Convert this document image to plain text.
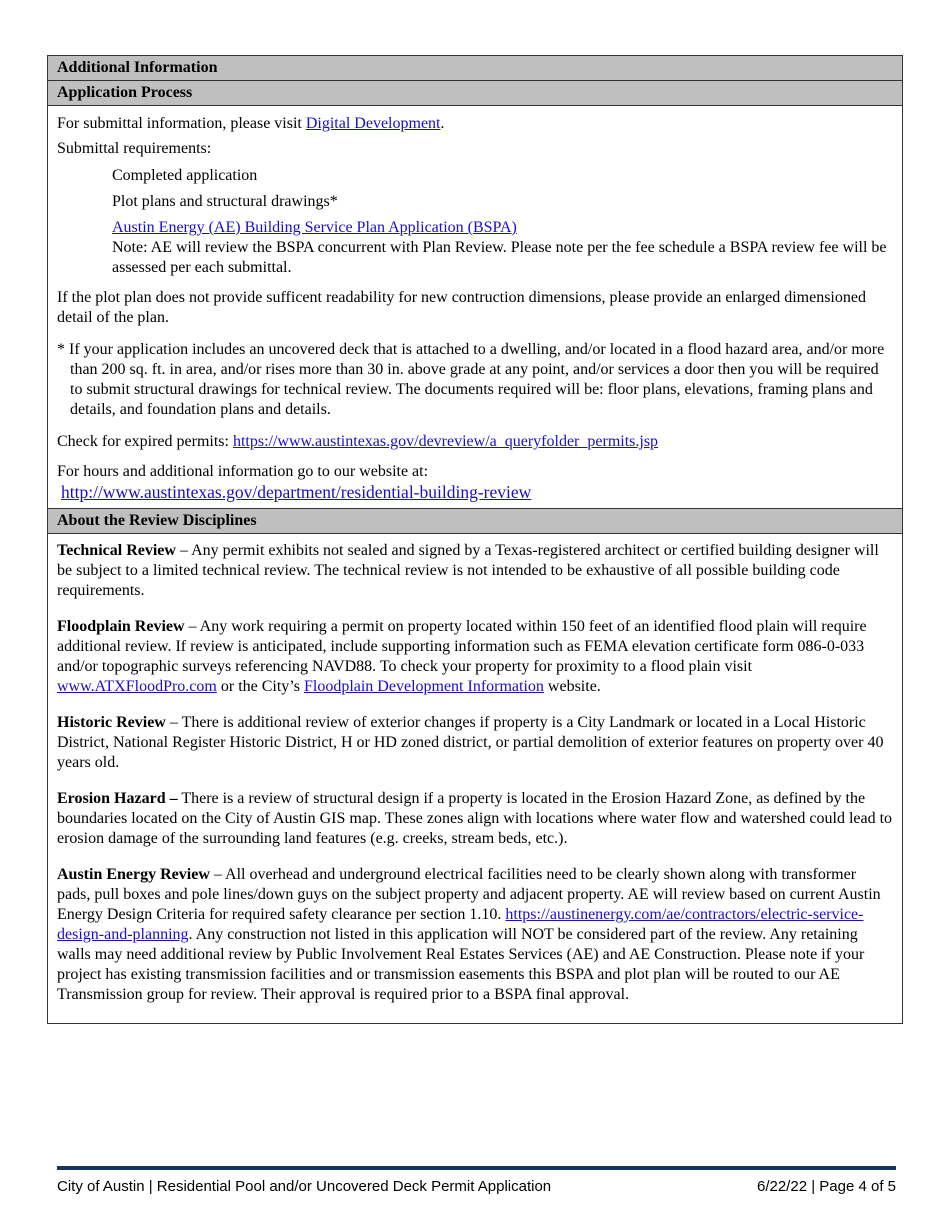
Additional Information
Application Process

For submittal information, please visit Digital Development.

Submittal requirements:

Completed application

Plot plans and structural drawings*

Austin Energy (AE) Building Service Plan Application (BSPA)

Note: AE will review the BSPA concurrent with Plan Review. Please note per the fee schedule a BSPA review fee will be assessed per each submittal.

If the plot plan does not provide sufficent readability for new contruction dimensions, please provide an enlarged dimensioned detail of the plan.

* If your application includes an uncovered deck that is attached to a dwelling, and/or located in a flood hazard area, and/or more than 200 sq. ft. in area, and/or rises more than 30 in. above grade at any point, and/or services a door then you will be required to submit structural drawings for technical review. The documents required will be: floor plans, elevations, framing plans and details, and foundation plans and details.

Check for expired permits: https://www.austintexas.gov/devreview/a_queryfolder_permits.jsp

For hours and additional information go to our website at:

http://www.austintexas.gov/department/residential-building-review

About the Review Disciplines

Technical Review – Any permit exhibits not sealed and signed by a Texas-registered architect or certified building designer will be subject to a limited technical review. The technical review is not intended to be exhaustive of all possible building code requirements.

Floodplain Review – Any work requiring a permit on property located within 150 feet of an identified flood plain will require additional review. If review is anticipated, include supporting information such as FEMA elevation certificate form 086-0-033 and/or topographic surveys referencing NAVD88. To check your property for proximity to a flood plain visit www.ATXFloodPro.com or the City’s Floodplain Development Information website.

Historic Review – There is additional review of exterior changes if property is a City Landmark or located in a Local Historic District, National Register Historic District, H or HD zoned district, or partial demolition of exterior features on property over 40 years old.

Erosion Hazard – There is a review of structural design if a property is located in the Erosion Hazard Zone, as defined by the boundaries located on the City of Austin GIS map. These zones align with locations where water flow and watershed could lead to erosion damage of the surrounding land features (e.g. creeks, stream beds, etc.).

Austin Energy Review – All overhead and underground electrical facilities need to be clearly shown along with transformer pads, pull boxes and pole lines/down guys on the subject property and adjacent property. AE will review based on current Austin Energy Design Criteria for required safety clearance per section 1.10. https://austinenergy.com/ae/contractors/electric-service-design-and-planning. Any construction not listed in this application will NOT be considered part of the review. Any retaining walls may need additional review by Public Involvement Real Estates Services (AE) and AE Construction. Please note if your project has existing transmission facilities and or transmission easements this BSPA and plot plan will be routed to our AE Transmission group for review. Their approval is required prior to a BSPA final approval.

City of Austin | Residential Pool and/or Uncovered Deck Permit Application	6/22/22 | Page 4 of 5
